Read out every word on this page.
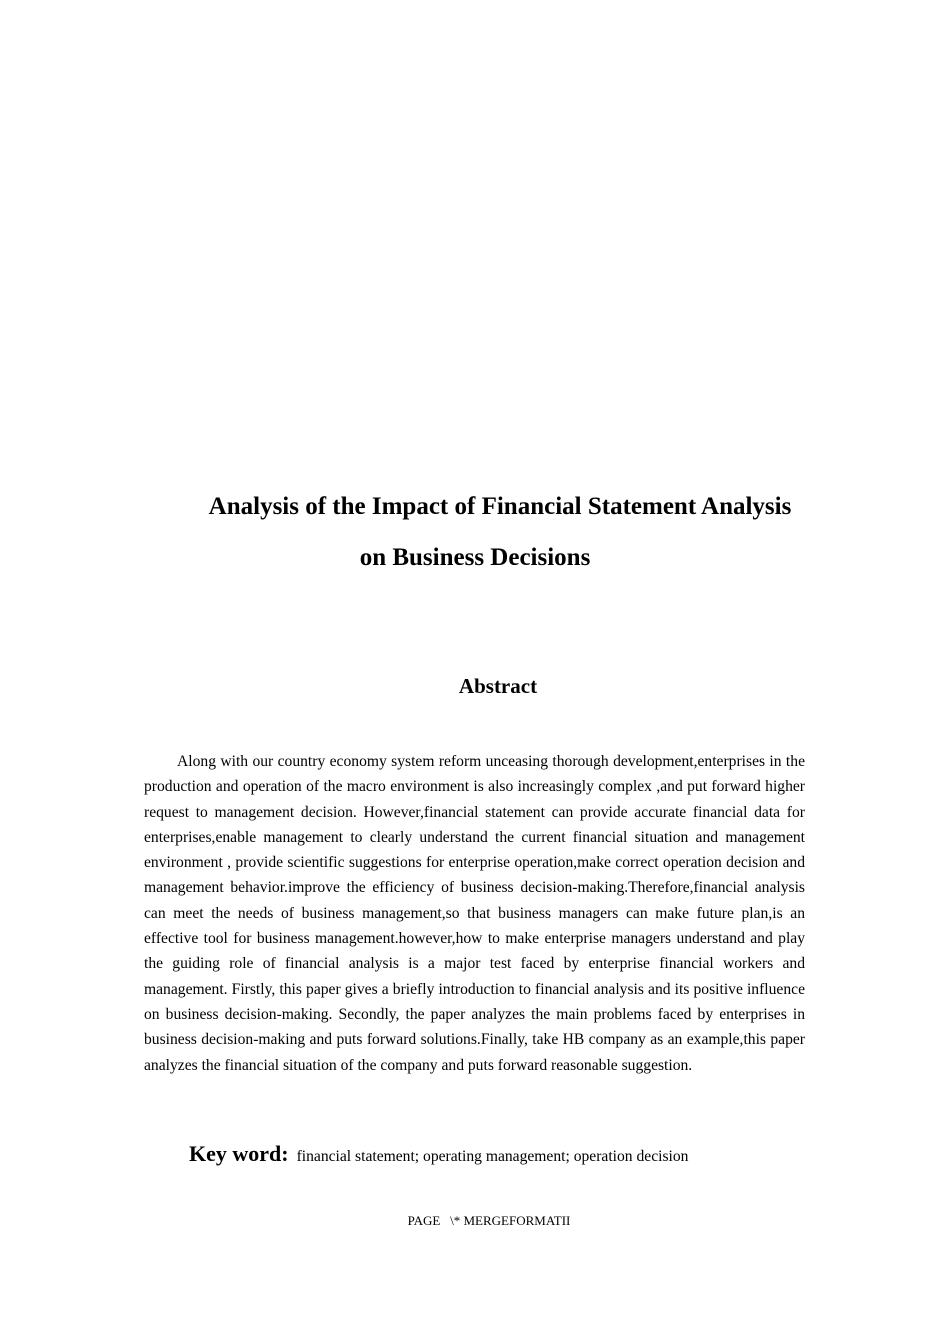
Analysis of the Impact of Financial Statement Analysis
on Business Decisions
Abstract

Along with our country economy system reform unceasing thorough development,enterprises in the production and operation of the macro environment is also increasingly complex ,and put forward higher request to management decision. However,financial statement can provide accurate financial data for enterprises,enable management to clearly understand the current financial situation and management environment , provide scientific suggestions for enterprise operation,make correct operation decision and management behavior.improve the efficiency of business decision-making.Therefore,financial analysis can meet the needs of business management,so that business managers can make future plan,is an effective tool for business management.however,how to make enterprise managers understand and play the guiding role of financial analysis is a major test faced by enterprise financial workers and management. Firstly, this paper gives a briefly introduction to financial analysis and its positive influence on business decision-making. Secondly, the paper analyzes the main problems faced by enterprises in business decision-making and puts forward solutions.Finally, take HB company as an example,this paper analyzes the financial situation of the company and puts forward reasonable suggestion.

Key word: financial statement; operating management; operation decision
PAGE   \* MERGEFORMATII
